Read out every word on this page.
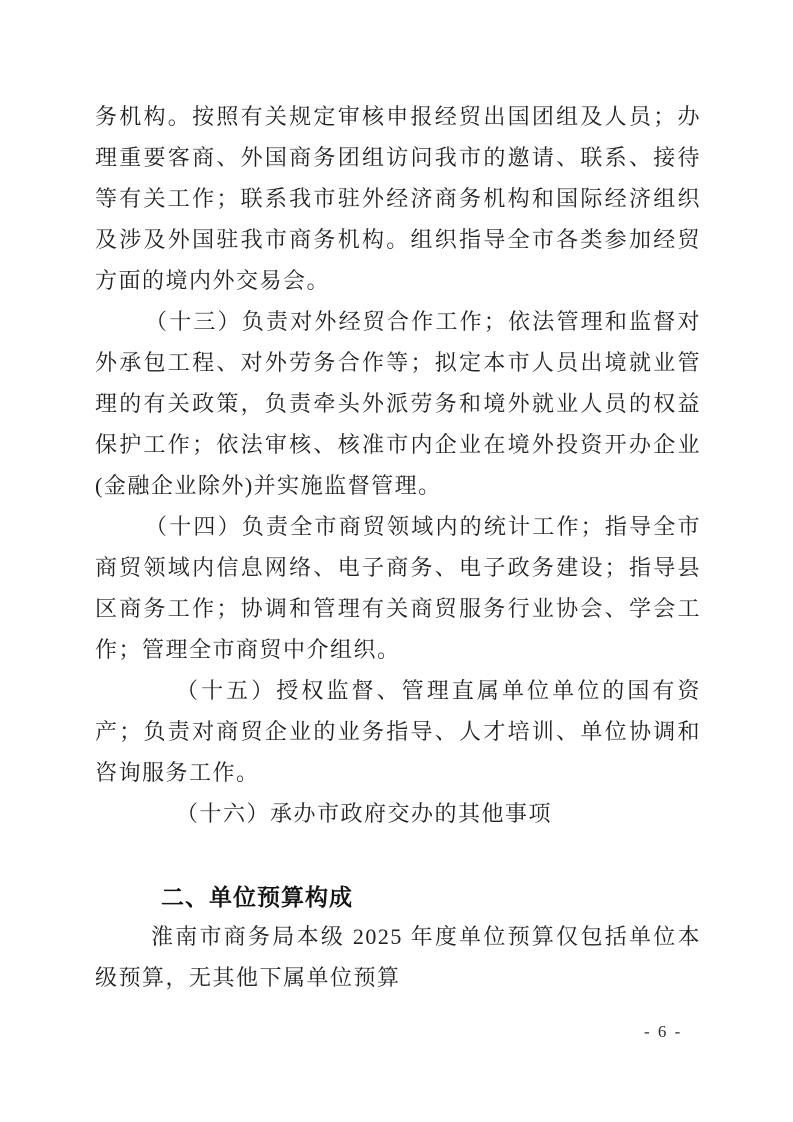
务机构。按照有关规定审核申报经贸出国团组及人员；办理重要客商、外国商务团组访问我市的邀请、联系、接待等有关工作；联系我市驻外经济商务机构和国际经济组织及涉及外国驻我市商务机构。组织指导全市各类参加经贸方面的境内外交易会。

（十三）负责对外经贸合作工作；依法管理和监督对外承包工程、对外劳务合作等；拟定本市人员出境就业管理的有关政策，负责牵头外派劳务和境外就业人员的权益保护工作；依法审核、核准市内企业在境外投资开办企业(金融企业除外)并实施监督管理。

（十四）负责全市商贸领域内的统计工作；指导全市商贸领域内信息网络、电子商务、电子政务建设；指导县区商务工作；协调和管理有关商贸服务行业协会、学会工作；管理全市商贸中介组织。

（十五）授权监督、管理直属单位单位的国有资产；负责对商贸企业的业务指导、人才培训、单位协调和咨询服务工作。

（十六）承办市政府交办的其他事项

二、单位预算构成

淮南市商务局本级 2025 年度单位预算仅包括单位本级预算，无其他下属单位预算

- 6 -
